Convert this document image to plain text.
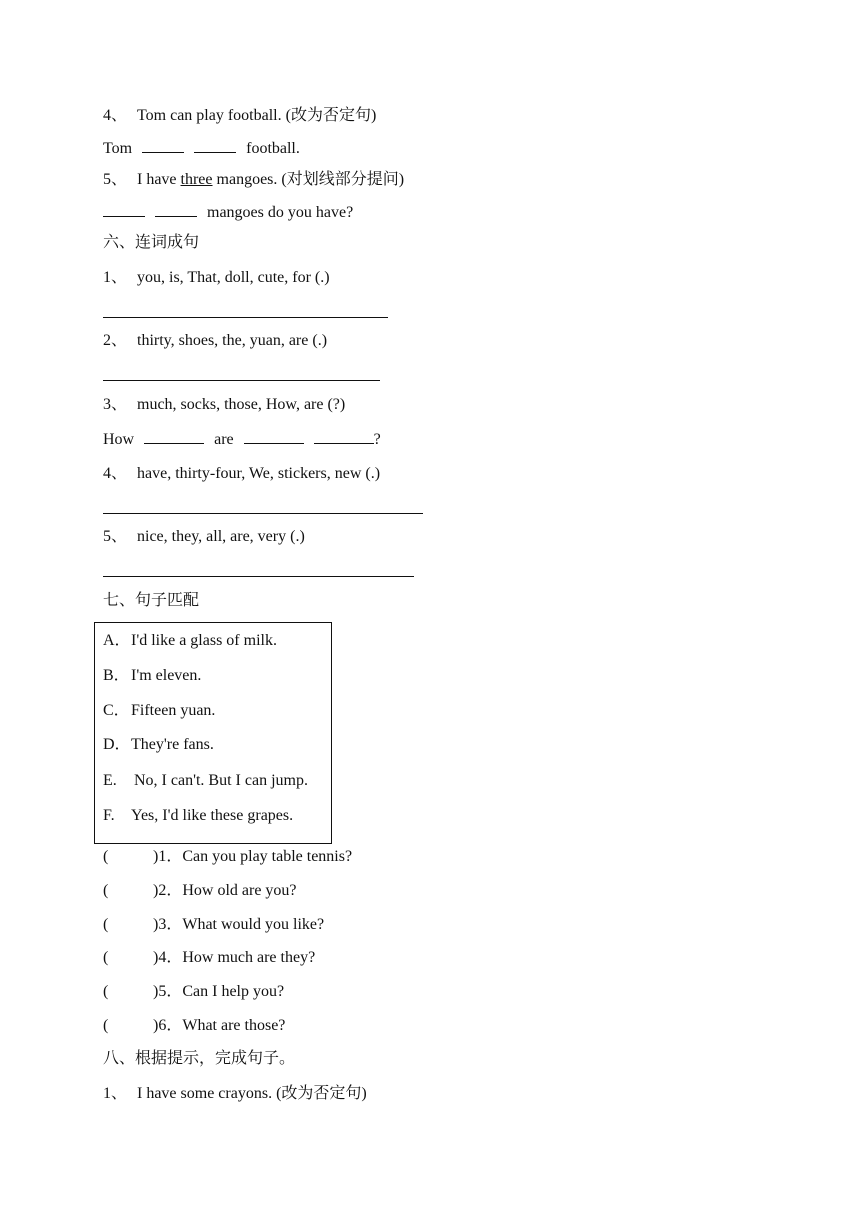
4、 Tom can play football. (改为否定句)
Tom	football.
5、 I have three mangoes. (对划线部分提问)
mangoes do you have?
六、连词成句
1、 you, is, That, doll, cute, for (.)
2、 thirty, shoes, the, yuan, are (.)
3、 much, socks, those, How, are (?)
How	are	?
4、 have, thirty-four, We, stickers, new (.)
5、 nice, they, all, are, very (.)
七、句子匹配
A．I'd like a glass of milk.
B．I'm eleven.
C．Fifteen yuan.
D．They're fans.
E. No, I can't. But I can jump.
F. Yes, I'd like these grapes.
(	)1．Can you play table tennis?
(	)2．How old are you?
(	)3．What would you like?
(	)4．How much are they?
(	)5．Can I help you?
(	)6．What are those?
八、根据提示，完成句子。
1、 I have some crayons. (改为否定句)
